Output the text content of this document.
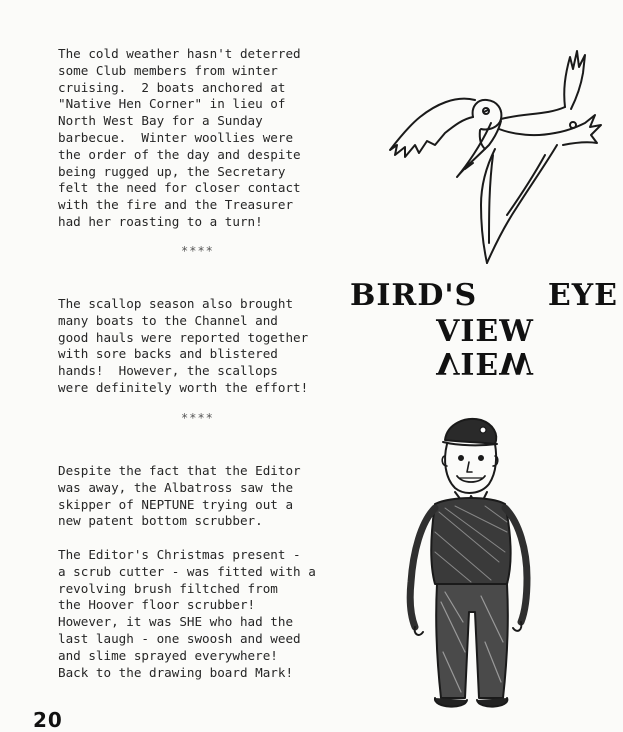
The cold weather hasn't deterred
some Club members from winter
cruising.  2 boats anchored at
"Native Hen Corner" in lieu of
North West Bay for a Sunday
barbecue.  Winter woollies were
the order of the day and despite
being rugged up, the Secretary
felt the need for closer contact
with the fire and the Treasurer
had her roasting to a turn!

****

The scallop season also brought
many boats to the Channel and
good hauls were reported together
with sore backs and blistered
hands!  However, the scallops
were definitely worth the effort!

****

Despite the fact that the Editor
was away, the Albatross saw the
skipper of NEPTUNE trying out a
new patent bottom scrubber.

The Editor's Christmas present -
a scrub cutter - was fitted with a
revolving brush filtched from
the Hoover floor scrubber!
However, it was SHE who had the
last laugh - one swoosh and weed
and slime sprayed everywhere!
Back to the drawing board Mark!

20
BIRD'S EYE
VIEW
VIEW
